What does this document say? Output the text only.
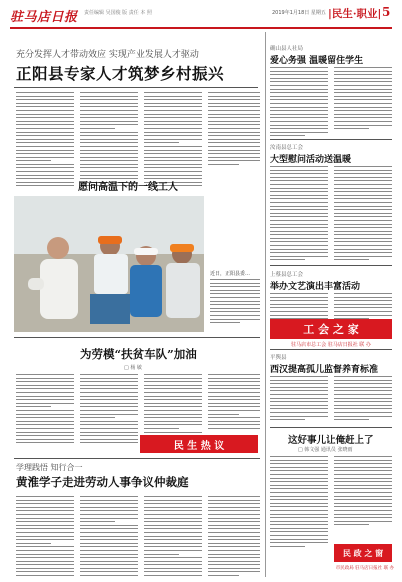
驻马店日报 责任编辑 吴国俊 版 责任 本 照	2019年1月18日 星期五 |民生·职业| 5
充分发挥人才带动效应 实现产业发展人才驱动
正阳县专家人才筑梦乡村振兴
愿问高温下的一线工人
近日，正阳县委…
为劳模“扶贫车队”加油
□ 杨 敏
民 生 热 议
学理践悟 知行合一
黄淮学子走进劳动人事争议仲裁庭
确山县人社局
爱心务强 温暖留住学生
汝南县总工会
大型慰问活动送温暖
上蔡县总工会
举办文艺演出丰富活动
工 会 之 家
驻马店市总工会 驻马店日报社 联 办
平舆县
西汉提高孤儿监督养育标准
这好事儿让俺赶上了
□ 韩文强 通讯员 张晓雨
民 政 之 窗
市民政局 驻马店日报社 联 办
